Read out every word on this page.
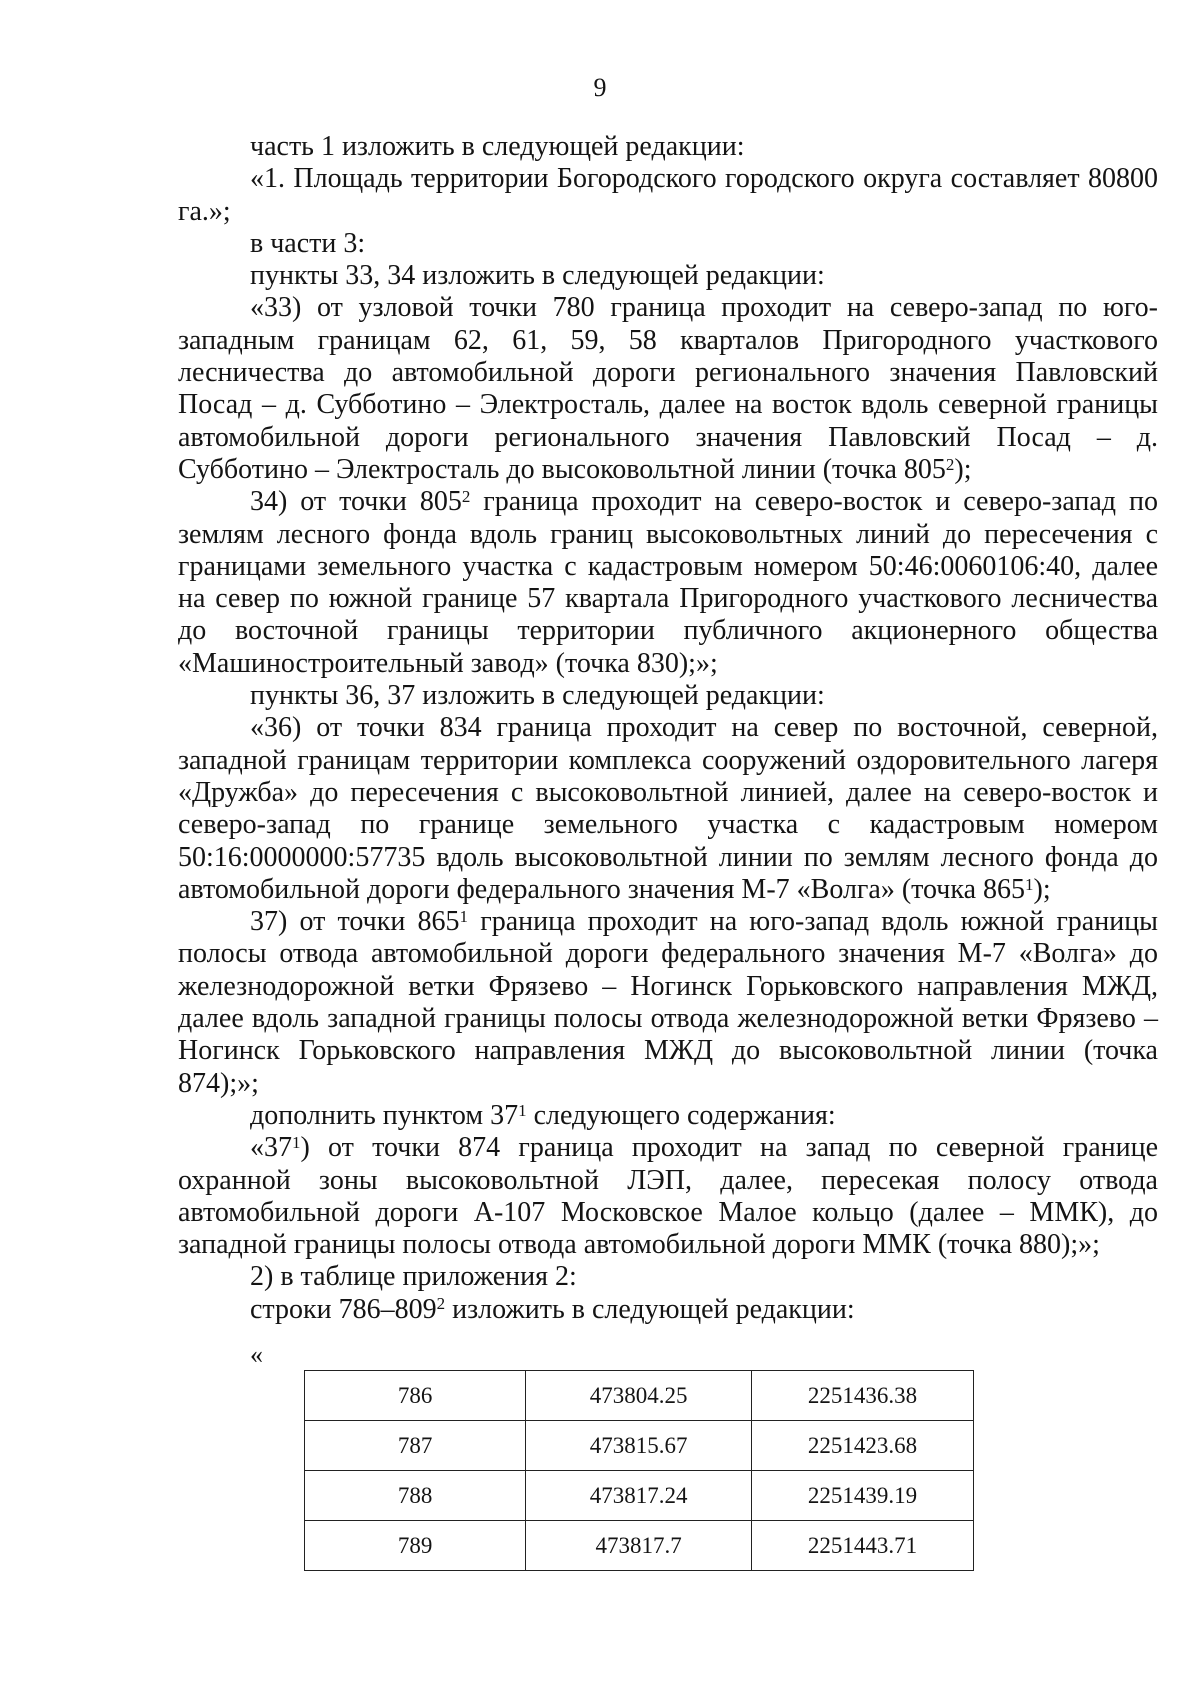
9

часть 1 изложить в следующей редакции:

«1. Площадь территории Богородского городского округа составляет 80800 га.»;

в части 3:

пункты 33, 34 изложить в следующей редакции:

«33) от узловой точки 780 граница проходит на северо-запад по юго-западным границам 62, 61, 59, 58 кварталов Пригородного участкового лесничества до автомобильной дороги регионального значения Павловский Посад – д. Субботино – Электросталь, далее на восток вдоль северной границы автомобильной дороги регионального значения Павловский Посад – д. Субботино – Электросталь до высоковольтной линии (точка $805^2$);

34) от точки $805^2$ граница проходит на северо-восток и северо-запад по землям лесного фонда вдоль границ высоковольтных линий до пересечения с границами земельного участка с кадастровым номером 50:46:0060106:40, далее на север по южной границе 57 квартала Пригородного участкового лесничества до восточной границы территории публичного акционерного общества «Машиностроительный завод» (точка 830);»;

пункты 36, 37 изложить в следующей редакции:

«36) от точки 834 граница проходит на север по восточной, северной, западной границам территории комплекса сооружений оздоровительного лагеря «Дружба» до пересечения с высоковольтной линией, далее на северо-восток и северо-запад по границе земельного участка с кадастровым номером 50:16:0000000:57735 вдоль высоковольтной линии по землям лесного фонда до автомобильной дороги федерального значения М-7 «Волга» (точка $865^1$);

37) от точки $865^1$ граница проходит на юго-запад вдоль южной границы полосы отвода автомобильной дороги федерального значения М-7 «Волга» до железнодорожной ветки Фрязево – Ногинск Горьковского направления МЖД, далее вдоль западной границы полосы отвода железнодорожной ветки Фрязево – Ногинск Горьковского направления МЖД до высоковольтной линии (точка 874);»;

дополнить пунктом $37^1$ следующего содержания:

«$37^1$) от точки 874 граница проходит на запад по северной границе охранной зоны высоковольтной ЛЭП, далее, пересекая полосу отвода автомобильной дороги А-107 Московское Малое кольцо (далее – ММК), до западной границы полосы отвода автомобильной дороги ММК (точка 880);»;

2) в таблице приложения 2:

строки $786-809^2$ изложить в следующей редакции:

«
786	473804.25	2251436.38
787	473815.67	2251423.68
788	473817.24	2251439.19
789	473817.7	2251443.71
